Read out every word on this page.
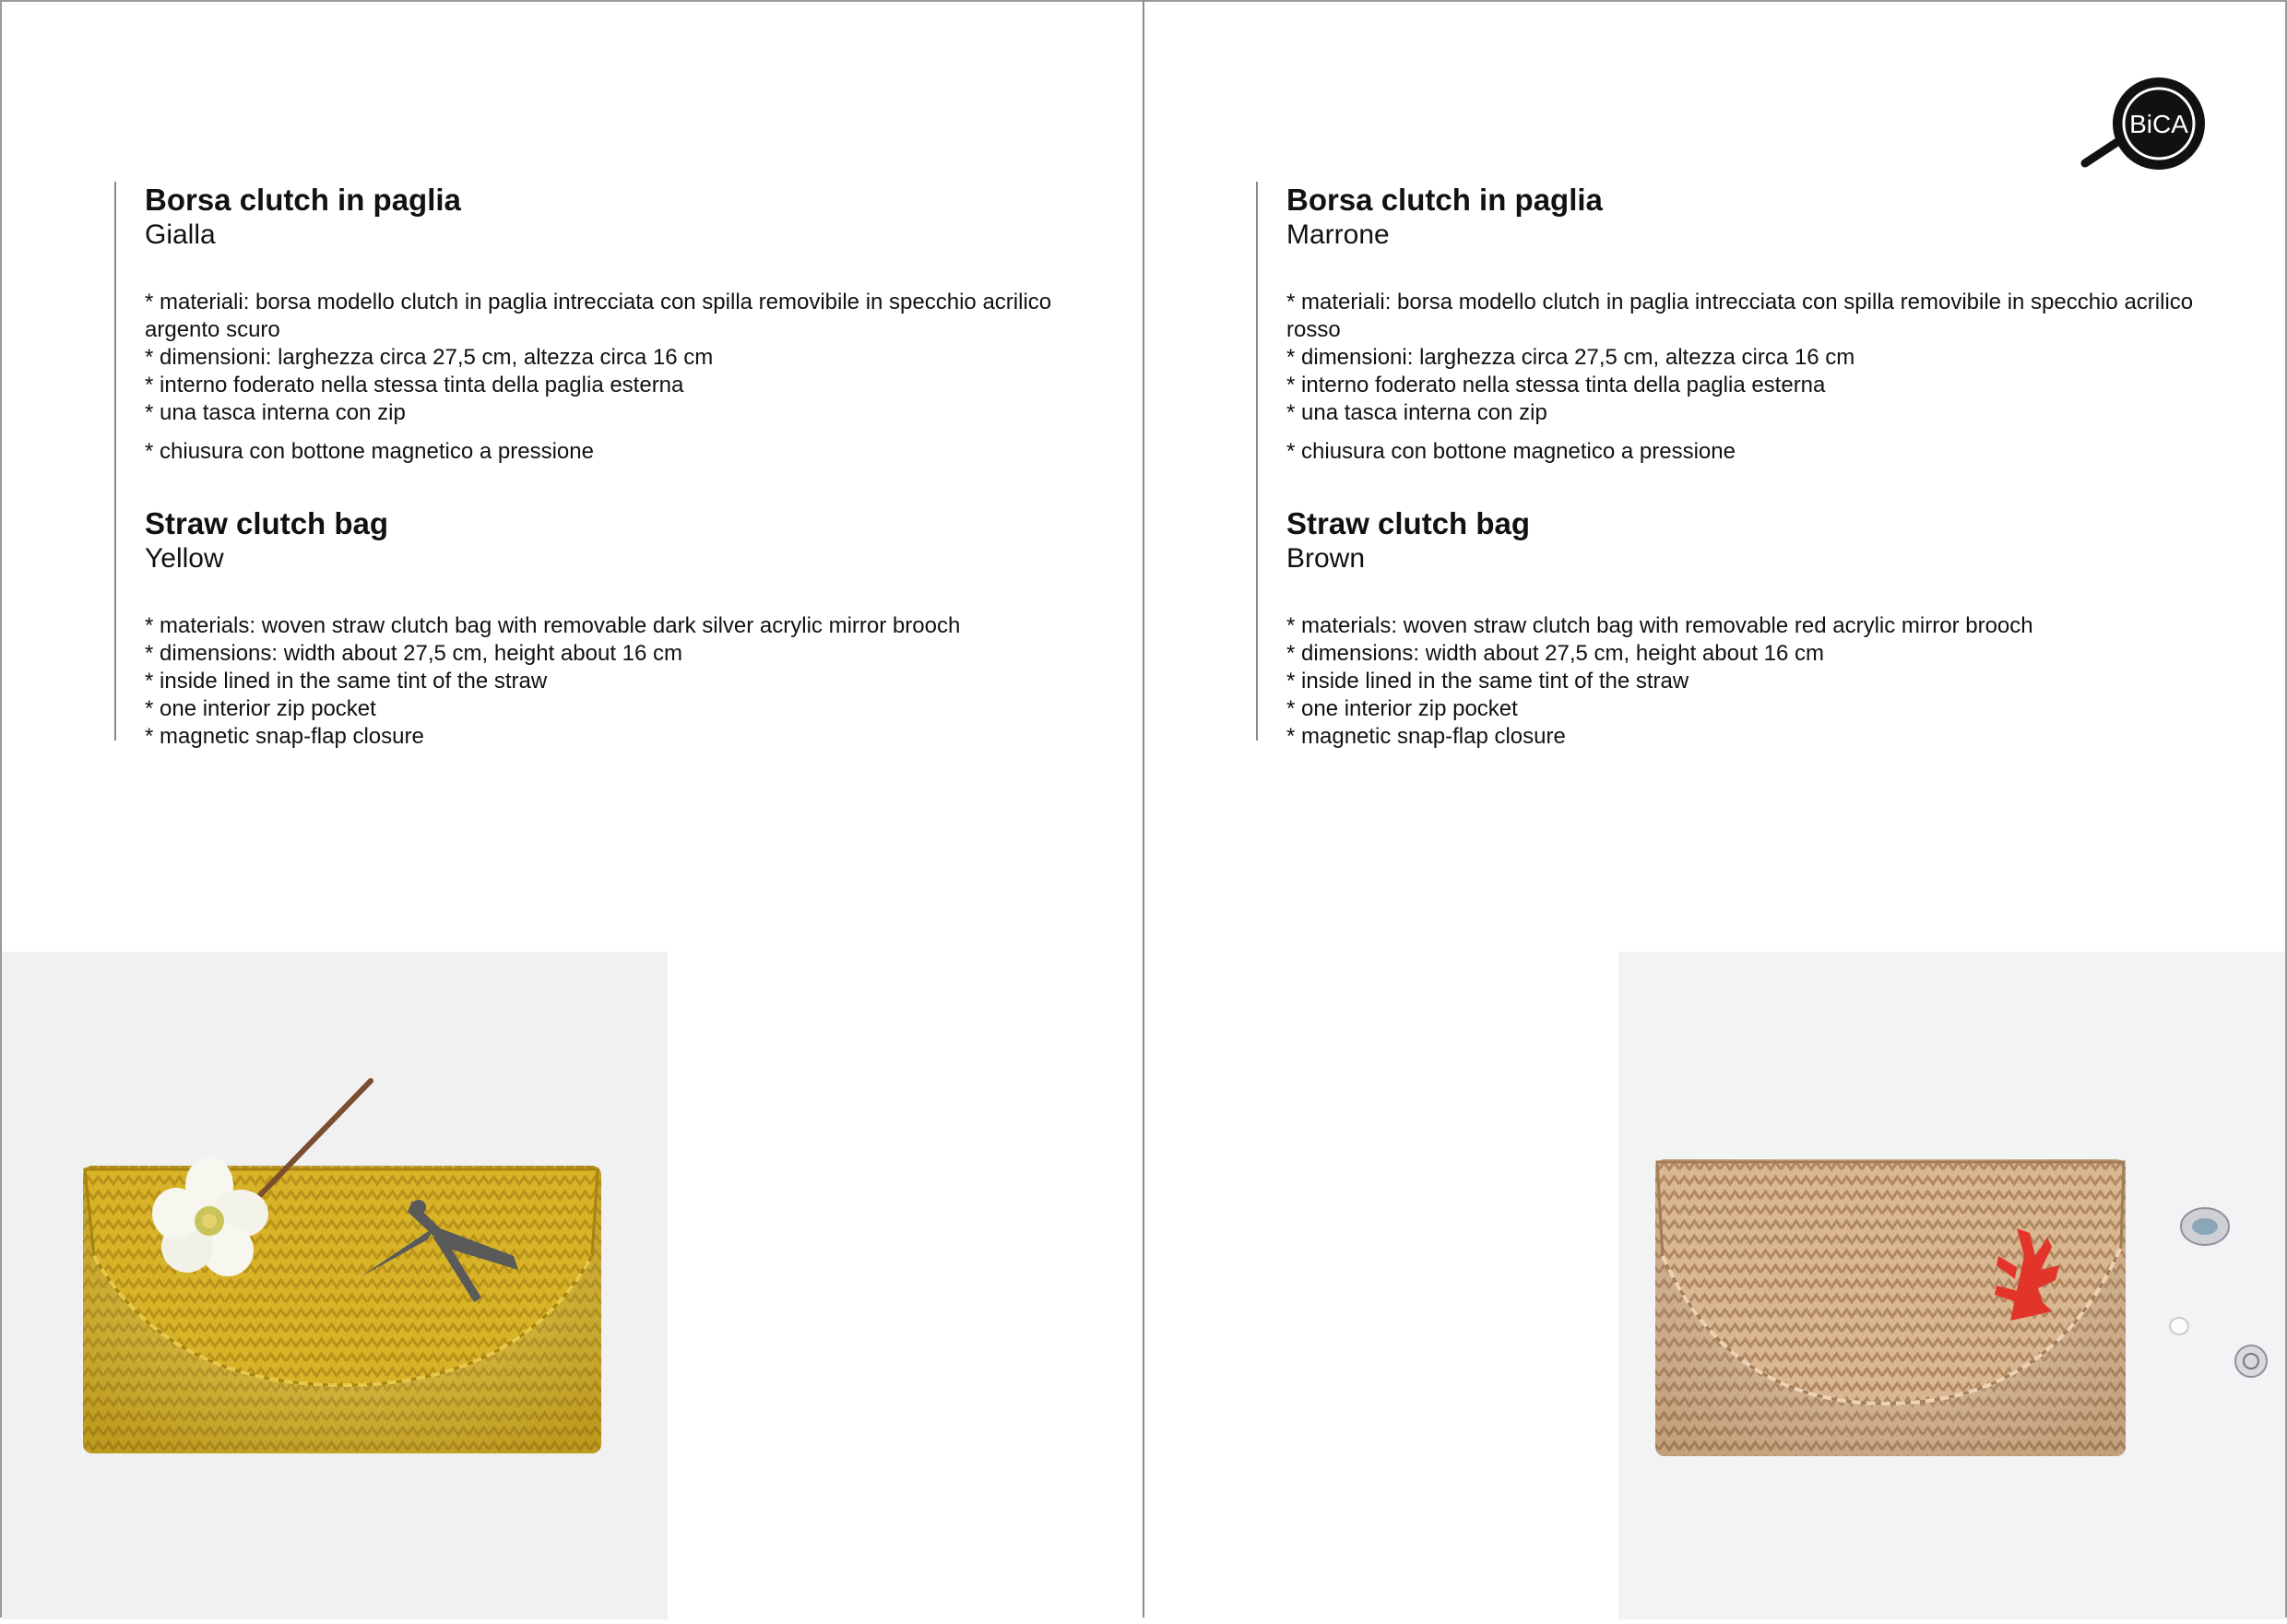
Borsa clutch in paglia

Gialla

* materiali: borsa modello clutch in paglia intrecciata con spilla removibile in specchio acrilico argento scuro
* dimensioni: larghezza circa 27,5 cm, altezza circa 16 cm
* interno foderato nella stessa tinta della paglia esterna
* una tasca interna con zip
* chiusura con bottone magnetico a pressione
Straw clutch bag

Yellow

* materials: woven straw clutch bag with removable dark silver acrylic mirror brooch
* dimensions: width about 27,5 cm, height about 16 cm
* inside lined in the same tint of the straw
* one interior zip pocket
* magnetic snap-flap closure
BiCA
Borsa clutch in paglia

Marrone

* materiali: borsa modello clutch in paglia intrecciata con spilla removibile in specchio acrilico rosso
* dimensioni: larghezza circa 27,5 cm, altezza circa 16 cm
* interno foderato nella stessa tinta della paglia esterna
* una tasca interna con zip
* chiusura con bottone magnetico a pressione
Straw clutch bag

Brown

* materials: woven straw clutch bag with removable red acrylic mirror brooch
* dimensions: width about 27,5 cm, height about 16 cm
* inside lined in the same tint of the straw
* one interior zip pocket
* magnetic snap-flap closure
